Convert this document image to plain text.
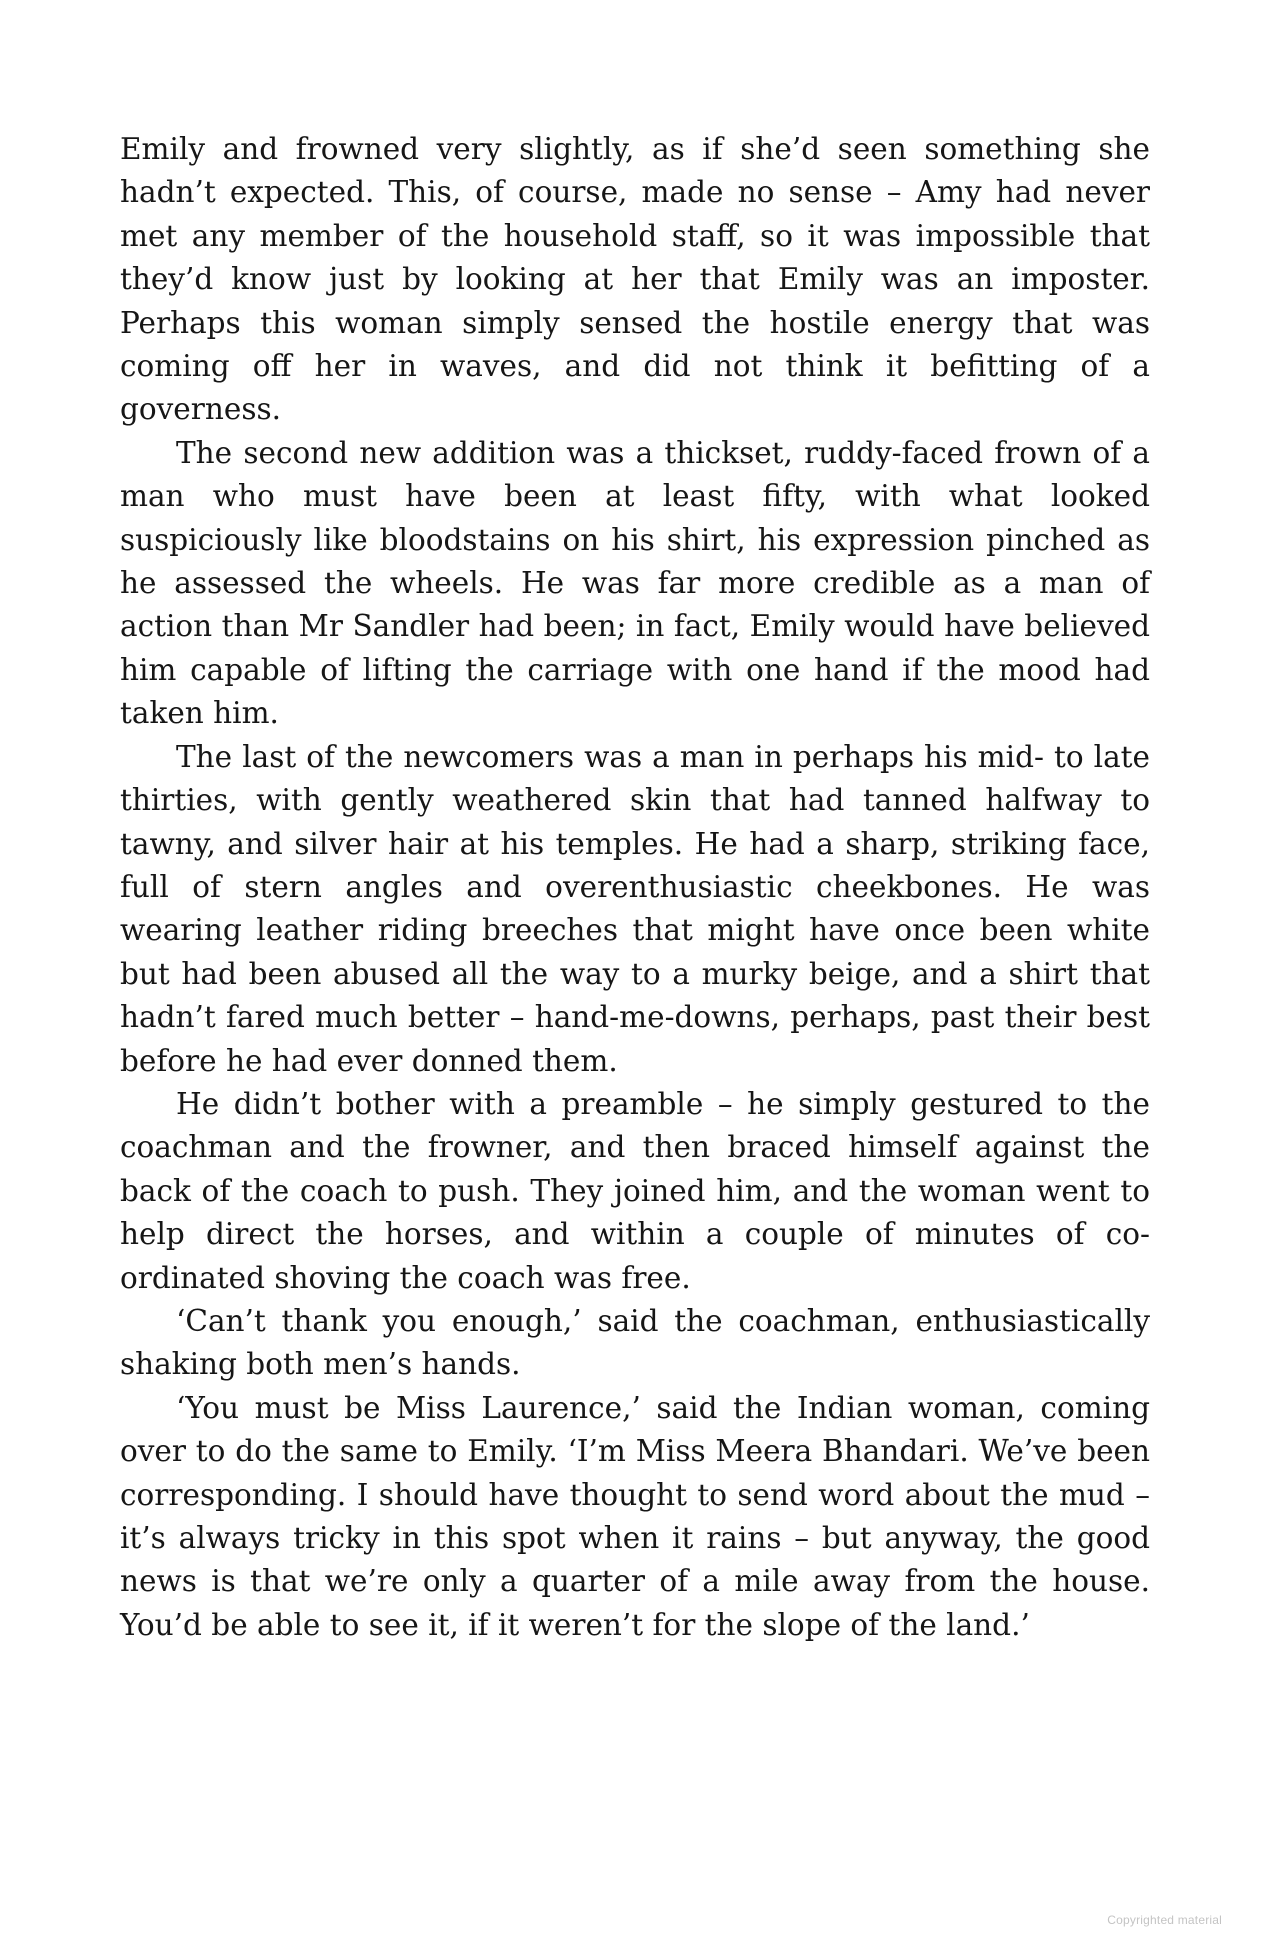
Emily and frowned very slightly, as if she’d seen something she hadn’t expected. This, of course, made no sense – Amy had never met any member of the household staff, so it was impossible that they’d know just by looking at her that Emily was an imposter. Perhaps this woman simply sensed the hostile energy that was coming off her in waves, and did not think it befitting of a governess.

The second new addition was a thickset, ruddy-faced frown of a man who must have been at least fifty, with what looked suspiciously like bloodstains on his shirt, his expression pinched as he assessed the wheels. He was far more credible as a man of action than Mr Sandler had been; in fact, Emily would have believed him capable of lifting the carriage with one hand if the mood had taken him.

The last of the newcomers was a man in perhaps his mid- to late thirties, with gently weathered skin that had tanned halfway to tawny, and silver hair at his temples. He had a sharp, striking face, full of stern angles and overenthusiastic cheekbones. He was wearing leather riding breeches that might have once been white but had been abused all the way to a murky beige, and a shirt that hadn’t fared much better – hand-me-downs, perhaps, past their best before he had ever donned them.

He didn’t bother with a preamble – he simply gestured to the coachman and the frowner, and then braced himself against the back of the coach to push. They joined him, and the woman went to help direct the horses, and within a couple of minutes of co-ordinated shoving the coach was free.

‘Can’t thank you enough,’ said the coachman, enthusiastically shaking both men’s hands.

‘You must be Miss Laurence,’ said the Indian woman, coming over to do the same to Emily. ‘I’m Miss Meera Bhandari. We’ve been corresponding. I should have thought to send word about the mud – it’s always tricky in this spot when it rains – but anyway, the good news is that we’re only a quarter of a mile away from the house. You’d be able to see it, if it weren’t for the slope of the land.’

Copyrighted material
